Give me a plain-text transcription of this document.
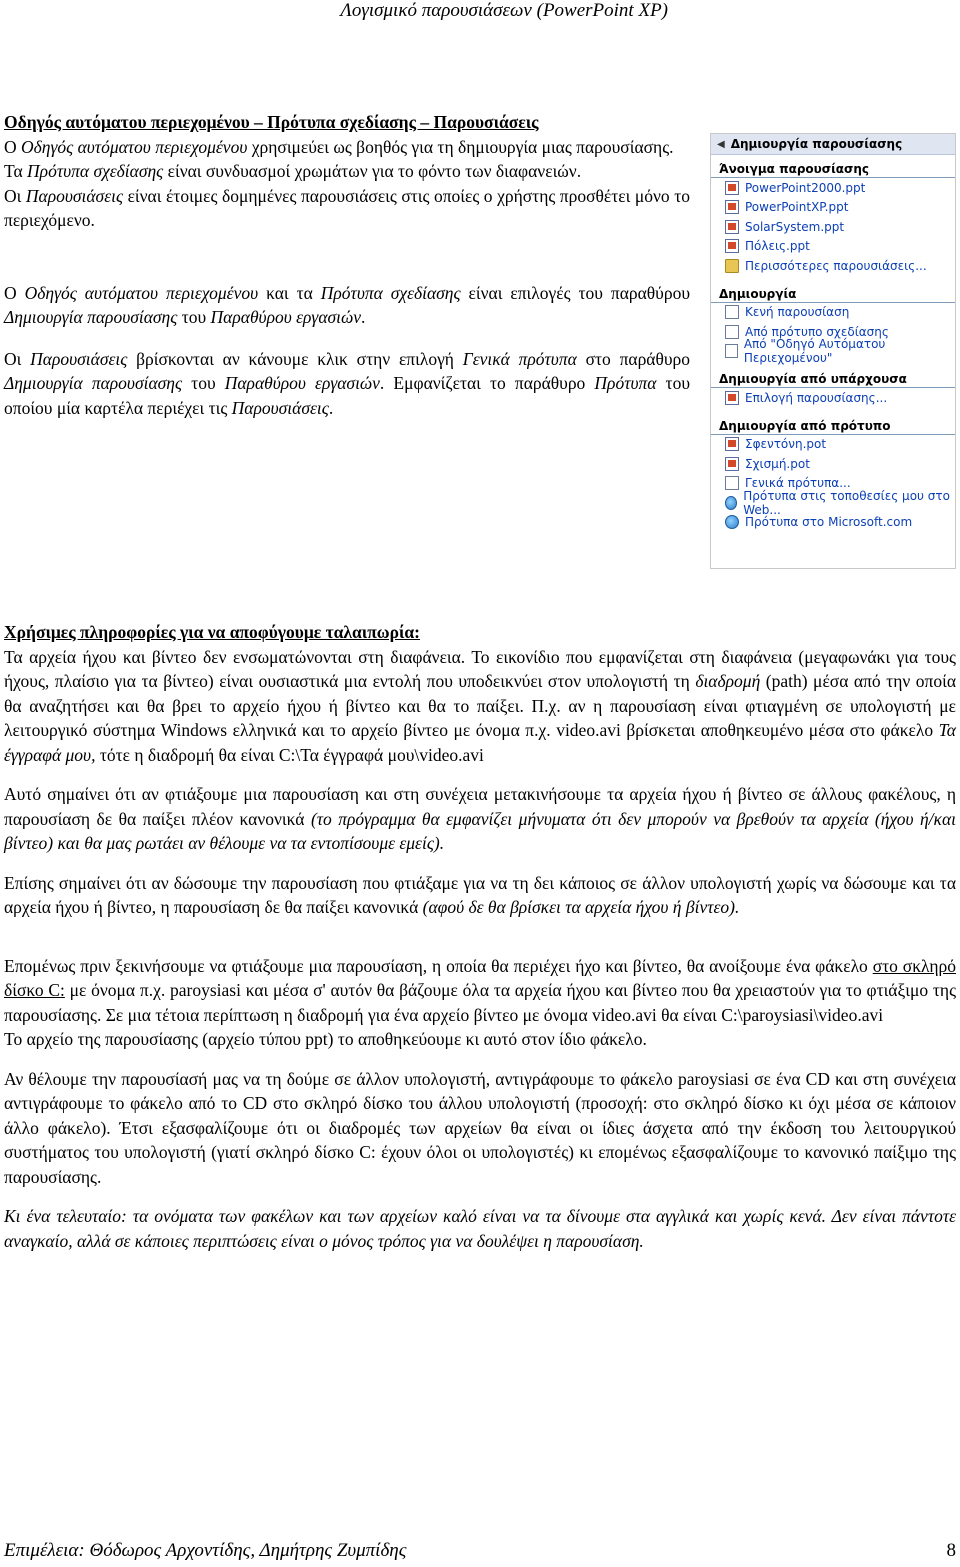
Λογισμικό παρουσιάσεων (PowerPoint XP)

Οδηγός αυτόματου περιεχομένου – Πρότυπα σχεδίασης – Παρουσιάσεις

Ο Οδηγός αυτόματου περιεχομένου χρησιμεύει ως βοηθός για τη δημιουργία μιας παρουσίασης.

Τα Πρότυπα σχεδίασης είναι συνδυασμοί χρωμάτων για το φόντο των διαφανειών.

Οι Παρουσιάσεις είναι έτοιμες δομημένες παρουσιάσεις στις οποίες ο χρήστης προσθέτει μόνο το περιεχόμενο.

Ο Οδηγός αυτόματου περιεχομένου και τα Πρότυπα σχεδίασης είναι επιλογές του παραθύρου Δημιουργία παρουσίασης του Παραθύρου εργασιών.

Οι Παρουσιάσεις βρίσκονται αν κάνουμε κλικ στην επιλογή Γενικά πρότυπα στο παράθυρο Δημιουργία παρουσίασης του Παραθύρου εργασιών. Εμφανίζεται το παράθυρο Πρότυπα του οποίου μία καρτέλα περιέχει τις Παρουσιάσεις.

◀ Δημιουργία παρουσίασης
Άνοιγμα παρουσίασης
PowerPoint2000.ppt
PowerPointXP.ppt
SolarSystem.ppt
Πόλεις.ppt
Περισσότερες παρουσιάσεις...
Δημιουργία
Κενή παρουσίαση
Από πρότυπο σχεδίασης
Από "Οδηγό Αυτόματου Περιεχομένου"
Δημιουργία από υπάρχουσα
Επιλογή παρουσίασης...
Δημιουργία από πρότυπο
Σφεντόνη.pot
Σχισμή.pot
Γενικά πρότυπα...
Πρότυπα στις τοποθεσίες μου στο Web...
Πρότυπα στο Microsoft.com

Χρήσιμες πληροφορίες για να αποφύγουμε ταλαιπωρία:

Τα αρχεία ήχου και βίντεο δεν ενσωματώνονται στη διαφάνεια. Το εικονίδιο που εμφανίζεται στη διαφάνεια (μεγαφωνάκι για τους ήχους, πλαίσιο για τα βίντεο) είναι ουσιαστικά μια εντολή που υποδεικνύει στον υπολογιστή τη διαδρομή (path) μέσα από την οποία θα αναζητήσει και θα βρει το αρχείο ήχου ή βίντεο και θα το παίξει. Π.χ. αν η παρουσίαση είναι φτιαγμένη σε υπολογιστή με λειτουργικό σύστημα Windows ελληνικά και το αρχείο βίντεο με όνομα π.χ. video.avi βρίσκεται αποθηκευμένο μέσα στο φάκελο Τα έγγραφά μου, τότε η διαδρομή θα είναι C:\Τα έγγραφά μου\video.avi

Αυτό σημαίνει ότι αν φτιάξουμε μια παρουσίαση και στη συνέχεια μετακινήσουμε τα αρχεία ήχου ή βίντεο σε άλλους φακέλους, η παρουσίαση δε θα παίξει πλέον κανονικά (το πρόγραμμα θα εμφανίζει μήνυματα ότι δεν μπορούν να βρεθούν τα αρχεία (ήχου ή/και βίντεο) και θα μας ρωτάει αν θέλουμε να τα εντοπίσουμε εμείς).

Επίσης σημαίνει ότι αν δώσουμε την παρουσίαση που φτιάξαμε για να τη δει κάποιος σε άλλον υπολογιστή χωρίς να δώσουμε και τα αρχεία ήχου ή βίντεο, η παρουσίαση δε θα παίξει κανονικά (αφού δε θα βρίσκει τα αρχεία ήχου ή βίντεο).

Επομένως πριν ξεκινήσουμε να φτιάξουμε μια παρουσίαση, η οποία θα περιέχει ήχο και βίντεο, θα ανοίξουμε ένα φάκελο στο σκληρό δίσκο C: με όνομα π.χ. paroysiasi και μέσα σ' αυτόν θα βάζουμε όλα τα αρχεία ήχου και βίντεο που θα χρειαστούν για το φτιάξιμο της παρουσίασης. Σε μια τέτοια περίπτωση η διαδρομή για ένα αρχείο βίντεο με όνομα video.avi θα είναι C:\paroysiasi\video.avi

Το αρχείο της παρουσίασης (αρχείο τύπου ppt) το αποθηκεύουμε κι αυτό στον ίδιο φάκελο.

Αν θέλουμε την παρουσίασή μας να τη δούμε σε άλλον υπολογιστή, αντιγράφουμε το φάκελο paroysiasi σε ένα CD και στη συνέχεια αντιγράφουμε το φάκελο από το CD στο σκληρό δίσκο του άλλου υπολογιστή (προσοχή: στο σκληρό δίσκο κι όχι μέσα σε κάποιον άλλο φάκελο). Έτσι εξασφαλίζουμε ότι οι διαδρομές των αρχείων θα είναι οι ίδιες άσχετα από την έκδοση του λειτουργικού συστήματος του υπολογιστή (γιατί σκληρό δίσκο C: έχουν όλοι οι υπολογιστές) κι επομένως εξασφαλίζουμε το κανονικό παίξιμο της παρουσίασης.

Κι ένα τελευταίο: τα ονόματα των φακέλων και των αρχείων καλό είναι να τα δίνουμε στα αγγλικά και χωρίς κενά. Δεν είναι πάντοτε αναγκαίο, αλλά σε κάποιες περιπτώσεις είναι ο μόνος τρόπος για να δουλέψει η παρουσίαση.

Επιμέλεια: Θόδωρος Αρχοντίδης, Δημήτρης Ζυμπίδης	8
